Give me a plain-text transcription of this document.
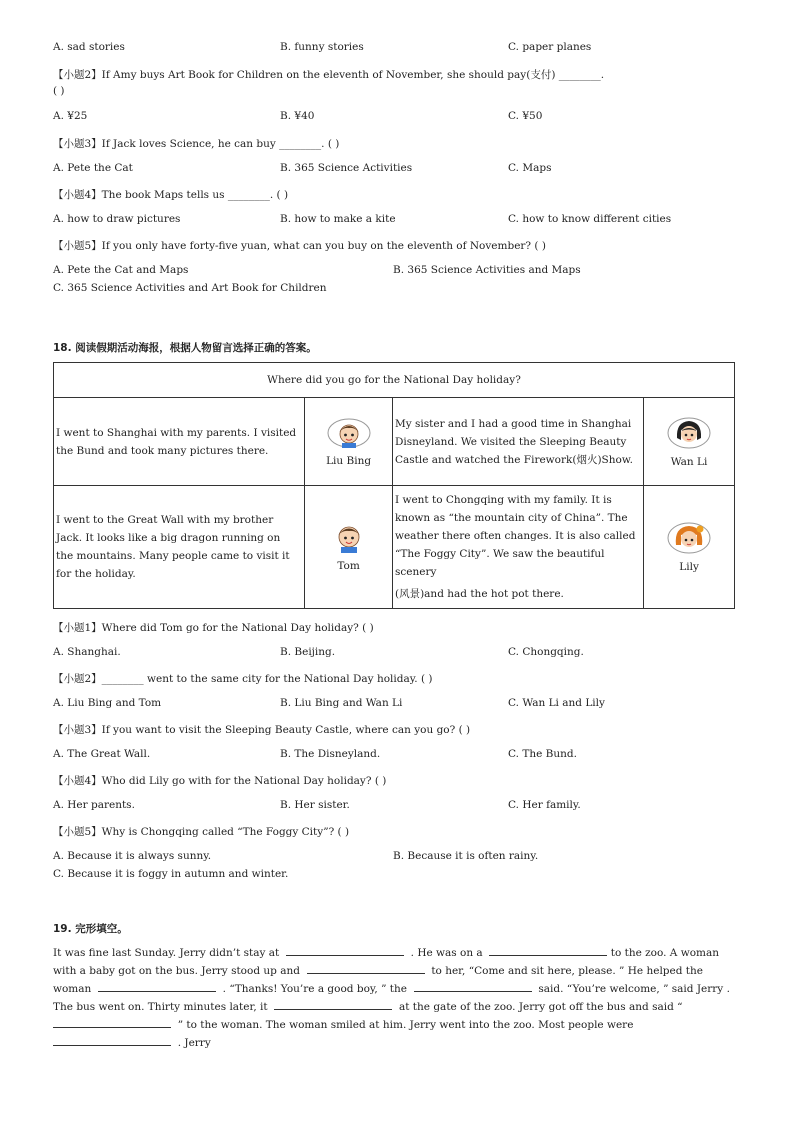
A. sad stories	B. funny stories	C. paper planes
【小题2】If Amy buys Art Book for Children on the eleventh of November, she should pay(支付) ________.
( )
A. ¥25	B. ¥40	C. ¥50
【小题3】If Jack loves Science, he can buy ________. ( )
A. Pete the Cat	B. 365 Science Activities	C. Maps
【小题4】The book Maps tells us ________. ( )
A. how to draw pictures	B. how to make a kite	C. how to know different cities
【小题5】If you only have forty-five yuan, what can you buy on the eleventh of November? ( )
A. Pete the Cat and Maps	B. 365 Science Activities and Maps
C. 365 Science Activities and Art Book for Children
18. 阅读假期活动海报，根据人物留言选择正确的答案。
Where did you go for the National Day holiday?			

I went to Shanghai with my parents. I visited the Bund and took many pictures there.	Liu Bing	My sister and I had a good time in Shanghai Disneyland. We visited the Sleeping Beauty Castle and watched the Firework(烟火)Show.	Wan Li

I went to the Great Wall with my brother Jack. It looks like a big dragon running on the mountains. Many people came to visit it for the holiday.	Tom	I went to Chongqing with my family. It is known as “the mountain city of China”. The weather there often changes. It is also called “The Foggy City”. We saw the beautiful scenery
(风景)and had the hot pot there.	Lily
【小题1】Where did Tom go for the National Day holiday? ( )
A. Shanghai.	B. Beijing.	C. Chongqing.
【小题2】________ went to the same city for the National Day holiday. ( )
A. Liu Bing and Tom	B. Liu Bing and Wan Li	C. Wan Li and Lily
【小题3】If you want to visit the Sleeping Beauty Castle, where can you go? ( )
A. The Great Wall.	B. The Disneyland.	C. The Bund.
【小题4】Who did Lily go with for the National Day holiday? ( )
A. Her parents.	B. Her sister.	C. Her family.
【小题5】Why is Chongqing called “The Foggy City”? ( )
A. Because it is always sunny.	B. Because it is often rainy.
C. Because it is foggy in autumn and winter.
19. 完形填空。
It was fine last Sunday. Jerry didn’t stay at	. He was on a	to the zoo. A woman with a baby got on the bus. Jerry stood up and	to her, “Come and sit here, please. ” He helped the woman	. “Thanks! You’re a good boy, ” the	said. “You’re welcome, ” said Jerry . The bus went on. Thirty minutes later, it	at the gate of the zoo. Jerry got off the bus and said “    ” to the woman. The woman smiled at him. Jerry went into the zoo. Most people were    . Jerry
